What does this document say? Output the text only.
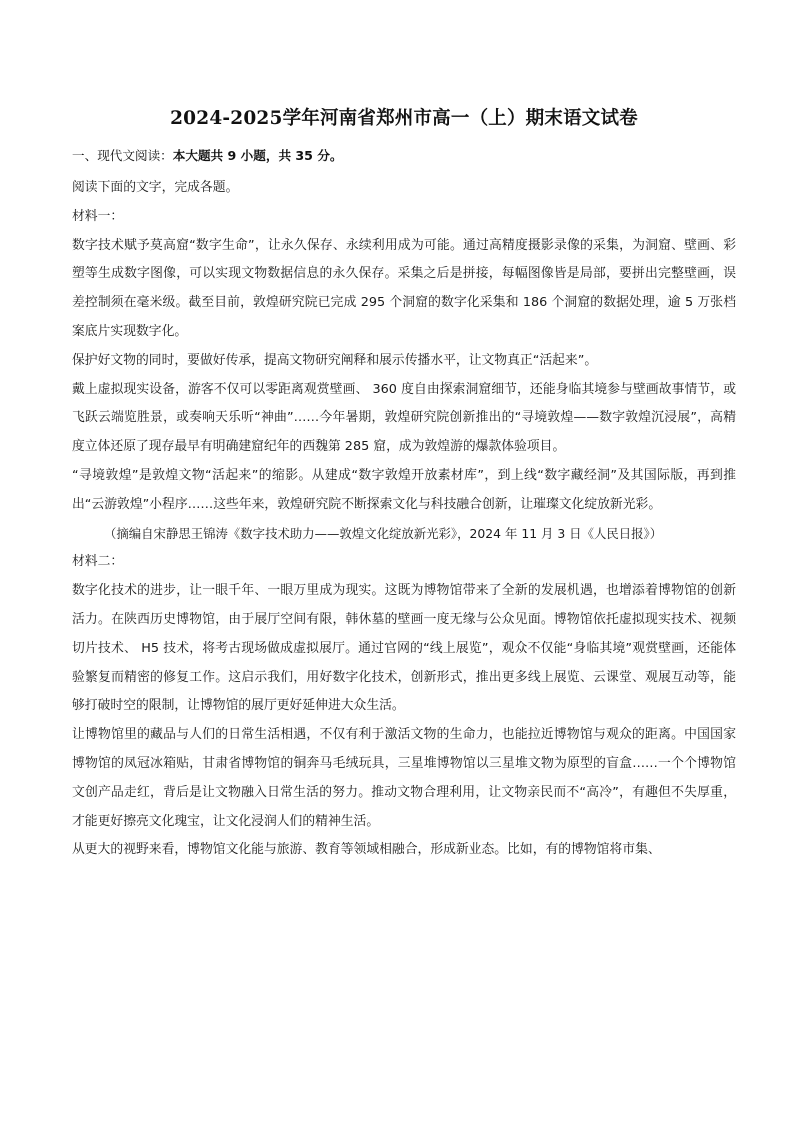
2024-2025学年河南省郑州市高一（上）期末语文试卷
一、现代文阅读：本大题共 9 小题，共 35 分。

阅读下面的文字，完成各题。

材料一：

数字技术赋予莫高窟“数字生命”，让永久保存、永续利用成为可能。通过高精度摄影录像的采集，为洞窟、壁画、彩塑等生成数字图像，可以实现文物数据信息的永久保存。采集之后是拼接，每幅图像皆是局部，要拼出完整壁画，误差控制须在毫米级。截至目前，敦煌研究院已完成 295 个洞窟的数字化采集和 186 个洞窟的数据处理，逾 5 万张档案底片实现数字化。

保护好文物的同时，要做好传承，提高文物研究阐释和展示传播水平，让文物真正“活起来”。

戴上虚拟现实设备，游客不仅可以零距离观赏壁画、 360 度自由探索洞窟细节，还能身临其境参与壁画故事情节，或飞跃云端览胜景，或奏响天乐听“神曲”……今年暑期，敦煌研究院创新推出的“寻境敦煌——数字敦煌沉浸展”，高精度立体还原了现存最早有明确建窟纪年的西魏第 285 窟，成为敦煌游的爆款体验项目。

“寻境敦煌”是敦煌文物“活起来”的缩影。从建成“数字敦煌开放素材库”，到上线“数字藏经洞”及其国际版，再到推出“云游敦煌”小程序……这些年来，敦煌研究院不断探索文化与科技融合创新，让璀璨文化绽放新光彩。

（摘编自宋静思王锦涛《数字技术助力——敦煌文化绽放新光彩》，2024 年 11 月 3 日《人民日报》）

材料二：

数字化技术的进步，让一眼千年、一眼万里成为现实。这既为博物馆带来了全新的发展机遇，也增添着博物馆的创新活力。在陕西历史博物馆，由于展厅空间有限，韩休墓的壁画一度无缘与公众见面。博物馆依托虚拟现实技术、视频切片技术、 H5 技术，将考古现场做成虚拟展厅。通过官网的“线上展览”，观众不仅能“身临其境”观赏壁画，还能体验繁复而精密的修复工作。这启示我们，用好数字化技术，创新形式，推出更多线上展览、云课堂、观展互动等，能够打破时空的限制，让博物馆的展厅更好延伸进大众生活。

让博物馆里的藏品与人们的日常生活相遇，不仅有利于激活文物的生命力，也能拉近博物馆与观众的距离。中国国家博物馆的凤冠冰箱贴，甘肃省博物馆的铜奔马毛绒玩具，三星堆博物馆以三星堆文物为原型的盲盒……一个个博物馆文创产品走红，背后是让文物融入日常生活的努力。推动文物合理利用，让文物亲民而不“高冷”，有趣但不失厚重，才能更好擦亮文化瑰宝，让文化浸润人们的精神生活。

从更大的视野来看，博物馆文化能与旅游、教育等领域相融合，形成新业态。比如，有的博物馆将市集、
